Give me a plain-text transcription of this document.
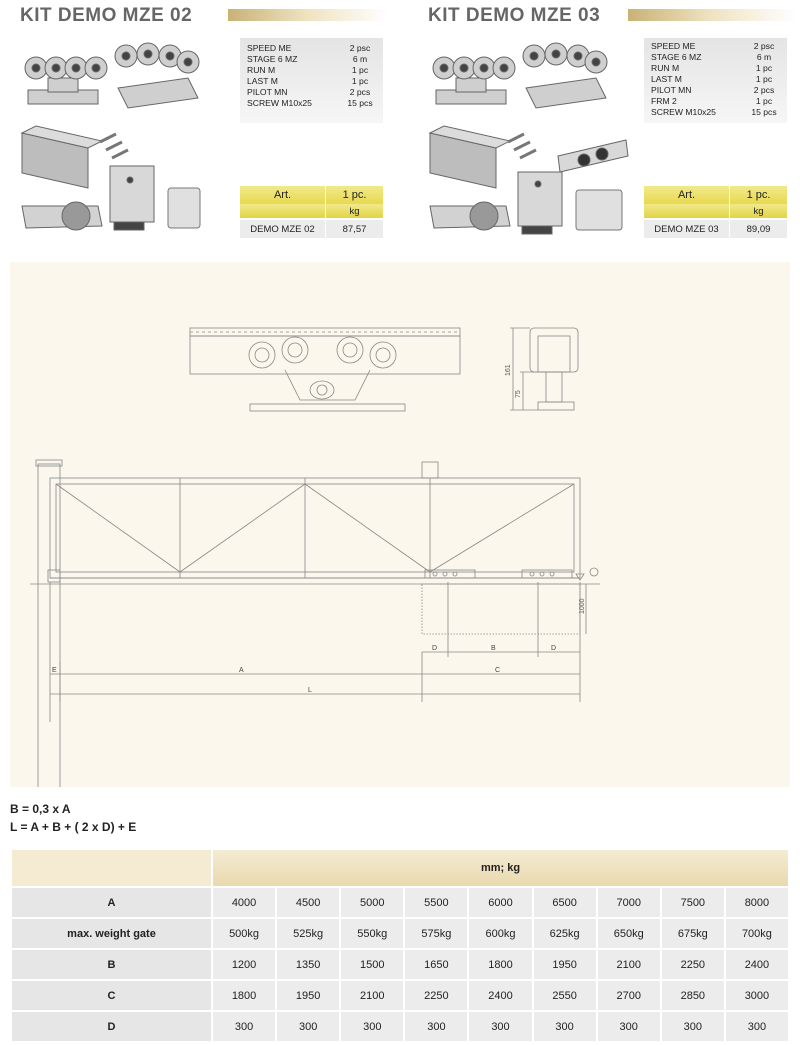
KIT DEMO MZE 02
SPEED ME	2 psc
STAGE 6 MZ	6 m
RUN M	1 pc
LAST M	1 pc
PILOT MN	2 pcs
SCREW M10x25	15 pcs
Art.	1 pc.
kg
DEMO MZE 02	87,57
KIT DEMO MZE 03
SPEED ME	2 psc
STAGE 6 MZ	6 m
RUN M	1 pc
LAST M	1 pc
PILOT MN	2 pcs
FRM 2	1 pc
SCREW M10x25	15 pcs
Art.	1 pc.
kg
DEMO MZE 03	89,09
161
75
1000
D	B	D
E	A	C
L
B = 0,3 x A
L = A + B + ( 2 x D) + E
	mm; kg								
A	4000	4500	5000	5500	6000	6500	7000	7500	8000
max. weight gate	500kg	525kg	550kg	575kg	600kg	625kg	650kg	675kg	700kg
B	1200	1350	1500	1650	1800	1950	2100	2250	2400
C	1800	1950	2100	2250	2400	2550	2700	2850	3000
D	300	300	300	300	300	300	300	300	300
